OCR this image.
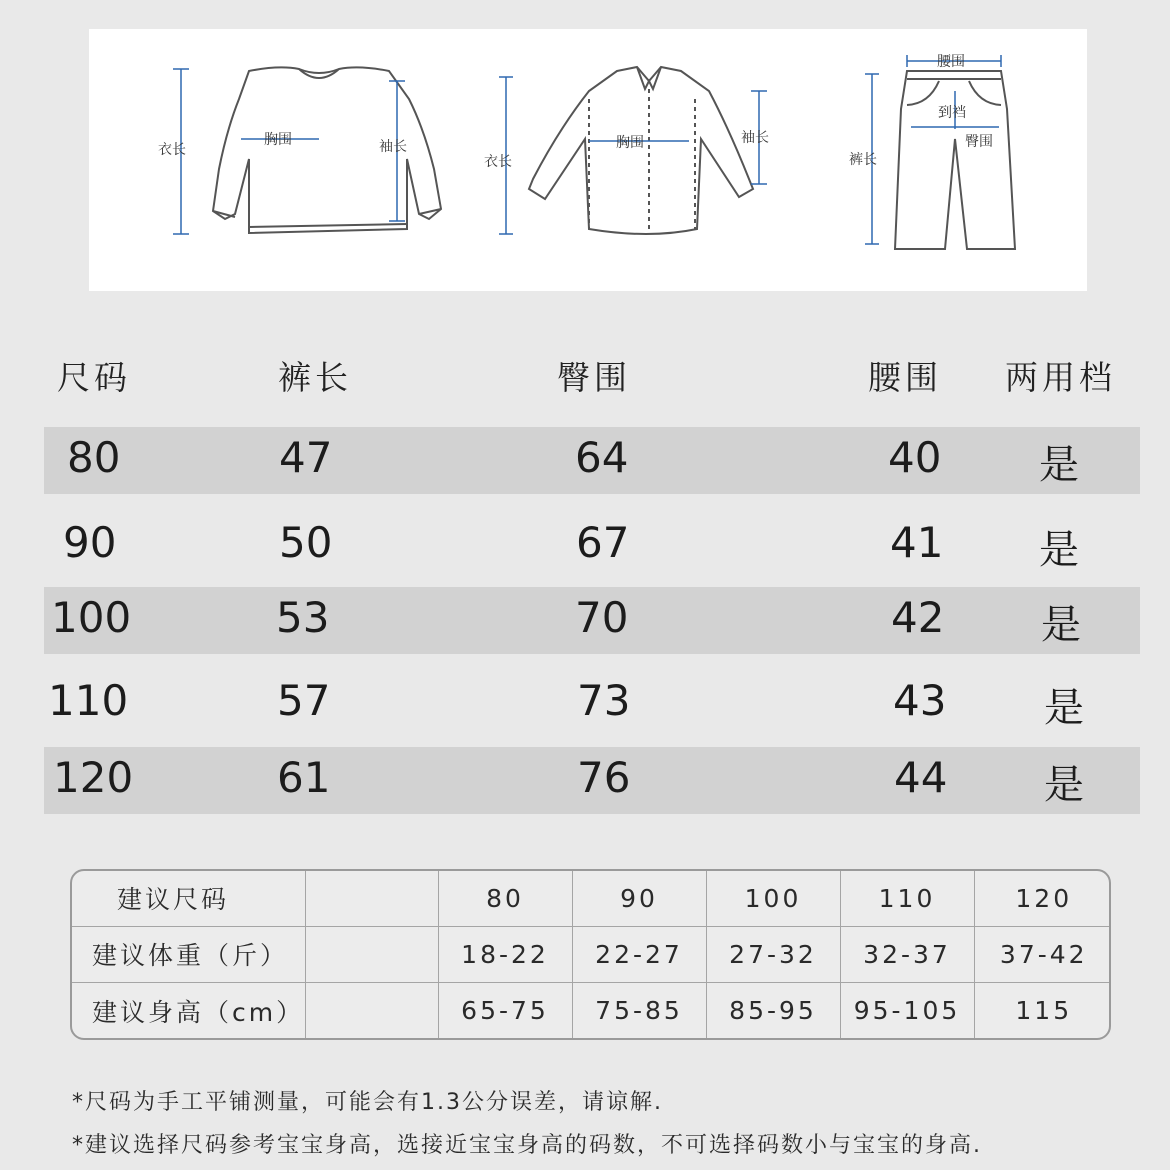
衣长
胸围	袖长
衣长
胸围	袖长
腰围
到裆
臀围
裤长
尺码	裤长	臀围	腰围 两用档
80	47	64	40 是
90	50	67	41 是
100	53	70	42 是
110	57	73	43 是
120	61	76	44 是
建议尺码		80	90	100	110	120
建议体重（斤）		18-22	22-27	27-32	32-37	37-42
建议身高（cm）		65-75	75-85	85-95	95-105	115
*尺码为手工平铺测量，可能会有1.3公分误差，请谅解.
*建议选择尺码参考宝宝身高，选接近宝宝身高的码数，不可选择码数小与宝宝的身高.
